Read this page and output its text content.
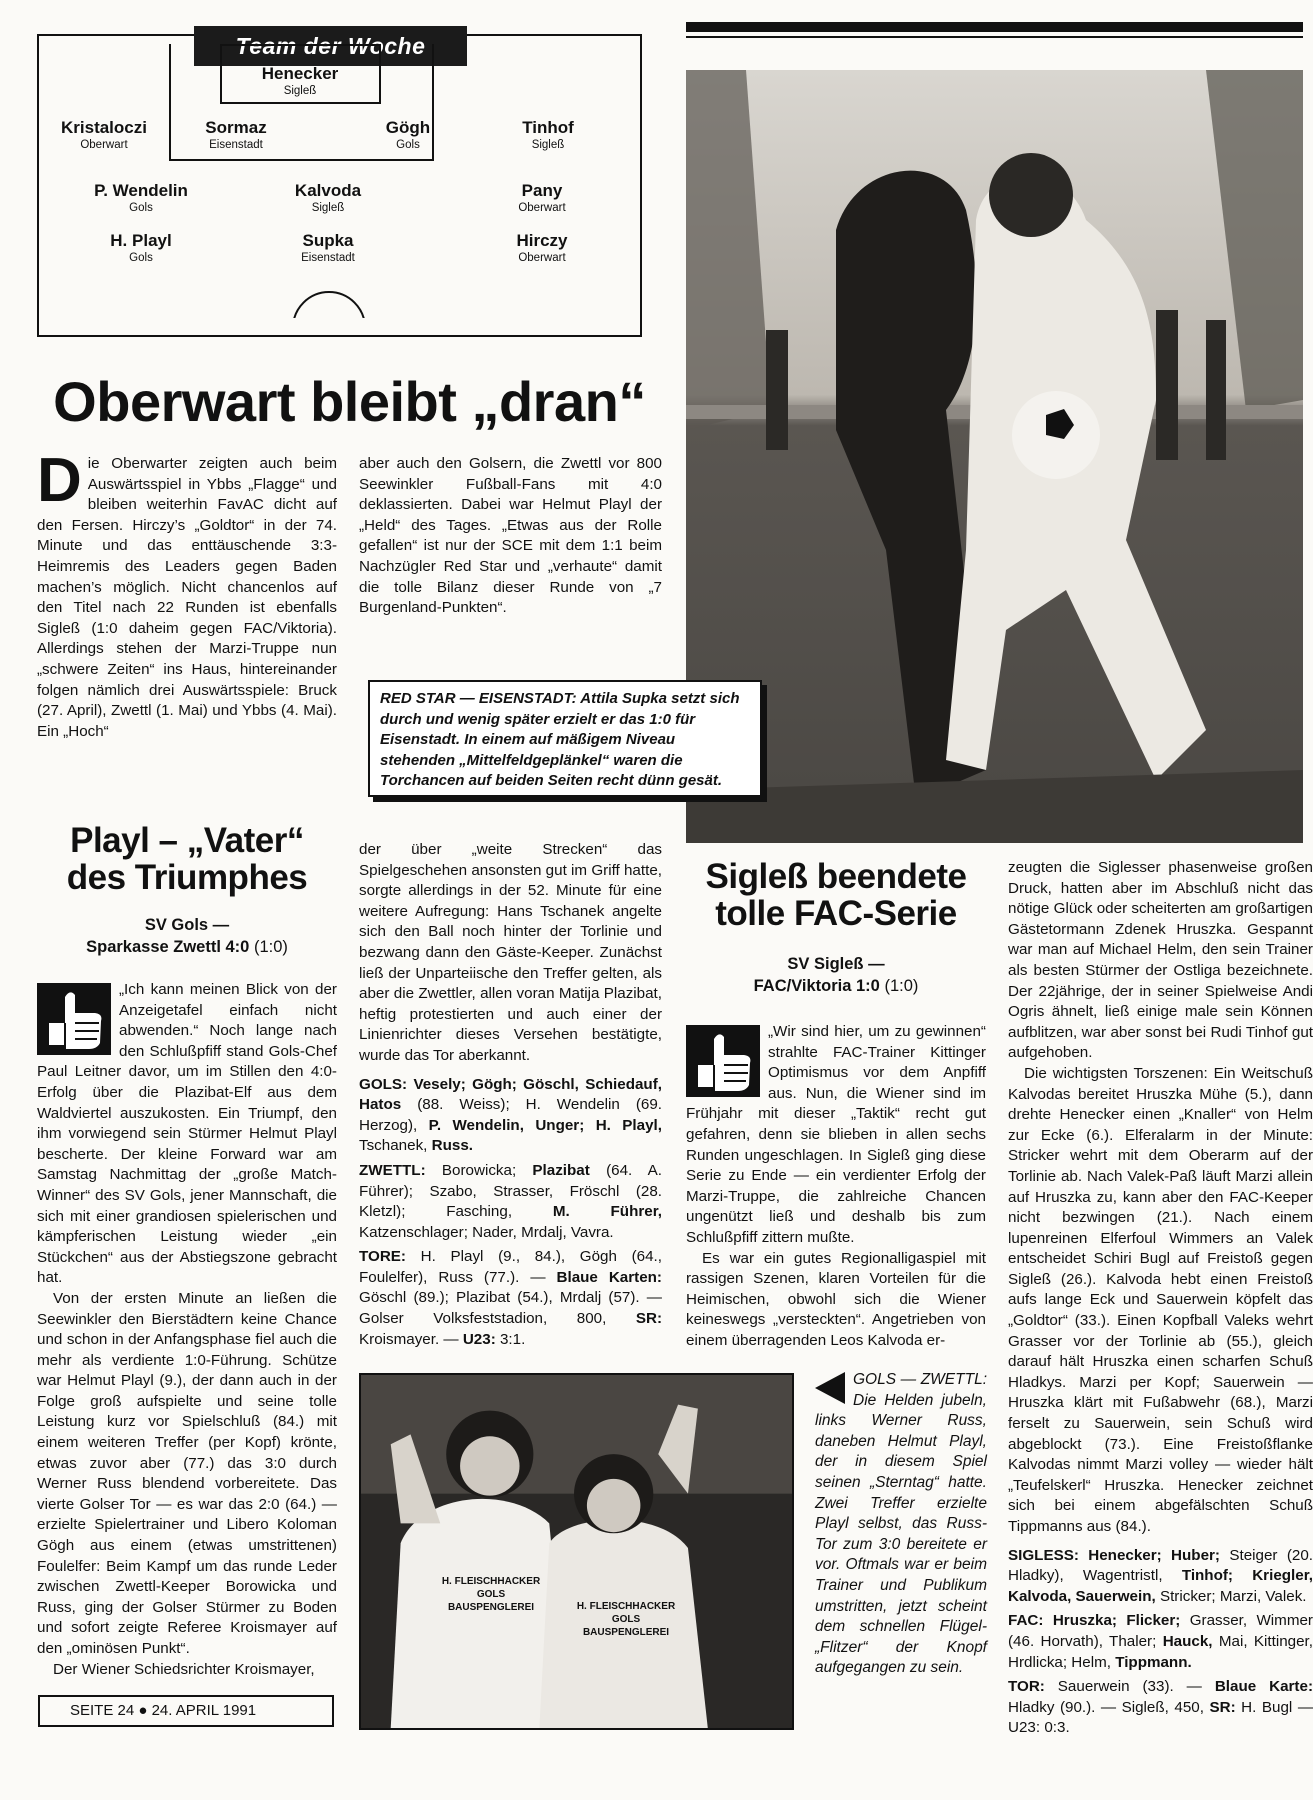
Team der Woche
Henecker
Sigleß
Kristaloczi
Oberwart
Sormaz
Eisenstadt
Gögh
Gols
Tinhof
Sigleß
P. Wendelin
Gols
Kalvoda
Sigleß
Pany
Oberwart
H. Playl
Gols
Supka
Eisenstadt
Hirczy
Oberwart
Oberwart bleibt „dran“
D ie Oberwarter zeigten auch beim Auswärtsspiel in Ybbs „Flagge“ und bleiben weiterhin FavAC dicht auf den Fersen. Hirczy’s „Goldtor“ in der 74. Minute und das enttäuschende 3:3-Heimremis des Leaders gegen Baden machen’s möglich. Nicht chancenlos auf den Titel nach 22 Runden ist ebenfalls Sigleß (1:0 daheim gegen FAC/Viktoria). Allerdings stehen der Marzi-Truppe nun „schwere Zeiten“ ins Haus, hintereinander folgen nämlich drei Auswärtsspiele: Bruck (27. April), Zwettl (1. Mai) und Ybbs (4. Mai). Ein „Hoch“

aber auch den Golsern, die Zwettl vor 800 Seewinkler Fußball-Fans mit 4:0 deklassierten. Dabei war Helmut Playl der „Held“ des Tages. „Etwas aus der Rolle gefallen“ ist nur der SCE mit dem 1:1 beim Nachzügler Red Star und „verhaute“ damit die tolle Bilanz dieser Runde von „7 Burgenland-Punkten“.

RED STAR — EISENSTADT: Attila Supka setzt sich durch und wenig später erzielt er das 1:0 für Eisenstadt. In einem auf mäßigem Niveau stehenden „Mittelfeldgeplänkel“ waren die Torchancen auf beiden Seiten recht dünn gesät.
Playl – „Vater“
des Triumphes
SV Gols —
Sparkasse Zwettl 4:0 (1:0)

„Ich kann meinen Blick von der Anzeigetafel einfach nicht abwenden.“ Noch lange nach den Schlußpfiff stand Gols-Chef Paul Leitner davor, um im Stillen den 4:0-Erfolg über die Plazibat-Elf aus dem Waldviertel auszukosten. Ein Triumpf, den ihm vorwiegend sein Stürmer Helmut Playl bescherte. Der kleine Forward war am Samstag Nachmittag der „große Match-Winner“ des SV Gols, jener Mannschaft, die sich mit einer grandiosen spielerischen und kämpferischen Leistung wieder „ein Stückchen“ aus der Abstiegszone gebracht hat.

Von der ersten Minute an ließen die Seewinkler den Bierstädtern keine Chance und schon in der Anfangsphase fiel auch die mehr als verdiente 1:0-Führung. Schütze war Helmut Playl (9.), der dann auch in der Folge groß aufspielte und seine tolle Leistung kurz vor Spielschluß (84.) mit einem weiteren Treffer (per Kopf) krönte, etwas zuvor aber (77.) das 3:0 durch Werner Russ blendend vorbereitete. Das vierte Golser Tor — es war das 2:0 (64.) — erzielte Spielertrainer und Libero Koloman Gögh aus einem (etwas umstrittenen) Foulelfer: Beim Kampf um das runde Leder zwischen Zwettl-Keeper Borowicka und Russ, ging der Golser Stürmer zu Boden und sofort zeigte Referee Kroismayer auf den „ominösen Punkt“.

Der Wiener Schiedsrichter Kroismayer,

der über „weite Strecken“ das Spielgeschehen ansonsten gut im Griff hatte, sorgte allerdings in der 52. Minute für eine weitere Aufregung: Hans Tschanek angelte sich den Ball noch hinter der Torlinie und bezwang dann den Gäste-Keeper. Zunächst ließ der Unparteiische den Treffer gelten, als aber die Zwettler, allen voran Matija Plazibat, heftig protestierten und auch einer der Linienrichter dieses Versehen bestätigte, wurde das Tor aberkannt.

GOLS: Vesely; Gögh; Göschl, Schiedauf, Hatos (88. Weiss); H. Wendelin (69. Herzog), P. Wendelin, Unger; H. Playl, Tschanek, Russ.

ZWETTL: Borowicka; Plazibat (64. A. Führer); Szabo, Strasser, Fröschl (28. Kletzl); Fasching,	M. Führer, Katzenschlager; Nader, Mrdalj, Vavra.

TORE: H. Playl (9., 84.), Gögh (64., Foulelfer), Russ (77.). — Blaue Karten: Göschl (89.); Plazibat (54.), Mrdalj (57). — Golser Volksfeststadion, 800, SR: Kroismayer. — U23: 3:1.

H. FLEISCHHACKER
GOLS
BAUSPENGLEREI	H. FLEISCHHACKER
GOLS
BAUSPENGLEREI
GOLS — ZWETTL: Die Helden jubeln, links Werner Russ, daneben Helmut Playl, der in diesem Spiel seinen „Sterntag“ hatte. Zwei Treffer erzielte Playl selbst, das Russ-Tor zum 3:0 bereitete er vor. Oftmals war er beim Trainer und Publikum umstritten, jetzt scheint dem schnellen Flügel-„Flitzer“ der Knopf aufgegangen zu sein.
Sigleß beendete
tolle FAC-Serie
SV Sigleß —
FAC/Viktoria 1:0 (1:0)

„Wir sind hier, um zu gewinnen“ strahlte FAC-Trainer Kittinger Optimismus vor dem Anpfiff aus. Nun, die Wiener sind im Frühjahr mit dieser „Taktik“ recht gut gefahren, denn sie blieben in allen sechs Runden ungeschlagen. In Sigleß ging diese Serie zu Ende — ein verdienter Erfolg der Marzi-Truppe, die zahlreiche Chancen ungenützt ließ und deshalb bis zum Schlußpfiff zittern mußte.

Es war ein gutes Regionalligaspiel mit rassigen Szenen, klaren Vorteilen für die Heimischen, obwohl sich die Wiener keineswegs „versteckten“. Angetrieben von einem überragenden Leos Kalvoda er-

zeugten die Siglesser phasenweise großen Druck, hatten aber im Abschluß nicht das nötige Glück oder scheiterten am großartigen Gästetormann Zdenek Hruszka. Gespannt war man auf Michael Helm, den sein Trainer als besten Stürmer der Ostliga bezeichnete. Der 22jährige, der in seiner Spielweise Andi Ogris ähnelt, ließ einige male sein Können aufblitzen, war aber sonst bei Rudi Tinhof gut aufgehoben.

Die wichtigsten Torszenen: Ein Weitschuß Kalvodas bereitet Hruszka Mühe (5.), dann drehte Henecker einen „Knaller“ von Helm zur Ecke (6.). Elferalarm in der Minute: Stricker wehrt mit dem Oberarm auf der Torlinie ab. Nach Valek-Paß läuft Marzi allein auf Hruszka zu, kann aber den FAC-Keeper nicht bezwingen (21.). Nach einem lupenreinen Elferfoul Wimmers an Valek entscheidet Schiri Bugl auf Freistoß gegen Sigleß (26.). Kalvoda hebt einen Freistoß aufs lange Eck und Sauerwein köpfelt das „Goldtor“ (33.). Einen Kopfball Valeks wehrt Grasser vor der Torlinie ab (55.), gleich darauf hält Hruszka einen scharfen Schuß Hladkys. Marzi per Kopf; Sauerwein — Hruszka klärt mit Fußabwehr (68.), Marzi ferselt zu Sauerwein, sein Schuß wird abgeblockt (73.). Eine Freistoßflanke Kalvodas nimmt Marzi volley — wieder hält „Teufelskerl“ Hruszka. Henecker zeichnet sich bei einem abgefälschten Schuß Tippmanns aus (84.).

SIGLESS: Henecker; Huber; Steiger (20. Hladky), Wagentristl, Tinhof; Kriegler, Kalvoda, Sauerwein, Stricker; Marzi, Valek.

FAC: Hruszka; Flicker; Grasser, Wimmer (46. Horvath), Thaler; Hauck, Mai, Kittinger, Hrdlicka; Helm, Tippmann.

TOR: Sauerwein (33). — Blaue Karte: Hladky (90.). — Sigleß, 450, SR: H. Bugl — U23: 0:3.

SEITE 24 ● 24. APRIL 1991
